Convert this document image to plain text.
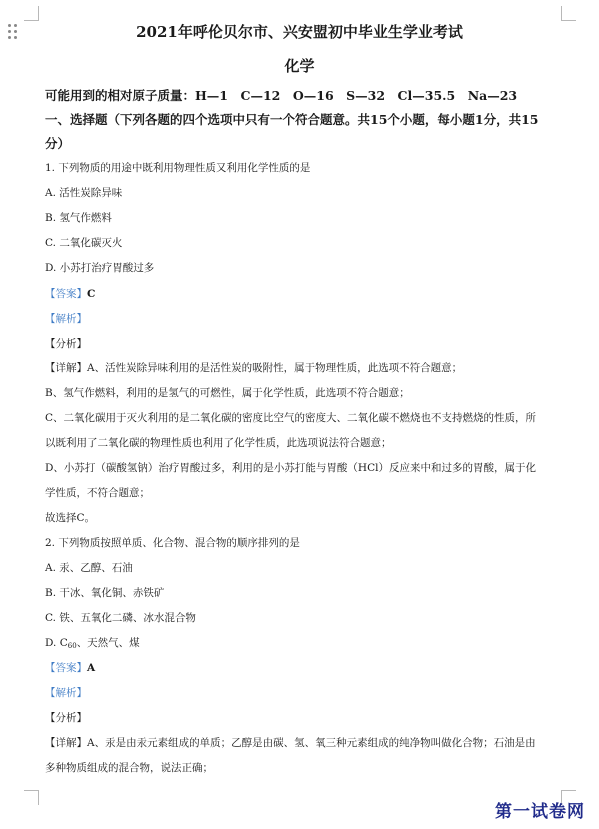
2021年呼伦贝尔市、兴安盟初中毕业生学业考试
化学
可能用到的相对原子质量：H—1　C—12　O—16　S—32　Cl—35.5　Na—23
一、选择题（下列各题的四个选项中只有一个符合题意。共15个小题，每小题1分，共15
分）
1. 下列物质的用途中既利用物理性质又利用化学性质的是
A. 活性炭除异味
B. 氢气作燃料
C. 二氧化碳灭火
D. 小苏打治疗胃酸过多
【答案】C
【解析】
【分析】
【详解】A、活性炭除异味利用的是活性炭的吸附性，属于物理性质，此选项不符合题意；
B、氢气作燃料，利用的是氢气的可燃性，属于化学性质，此选项不符合题意；
C、二氧化碳用于灭火利用的是二氧化碳的密度比空气的密度大、二氧化碳不燃烧也不支持燃烧的性质，所
以既利用了二氧化碳的物理性质也利用了化学性质，此选项说法符合题意；
D、小苏打（碳酸氢钠）治疗胃酸过多，利用的是小苏打能与胃酸（HCl）反应来中和过多的胃酸，属于化
学性质，不符合题意；
故选择C。
2. 下列物质按照单质、化合物、混合物的顺序排列的是
A. 汞、乙醇、石油
B. 干冰、氧化铜、赤铁矿
C. 铁、五氧化二磷、冰水混合物
D. $C_{60}$、天然气、煤
【答案】A
【解析】
【分析】
【详解】A、汞是由汞元素组成的单质；乙醇是由碳、氢、氧三种元素组成的纯净物叫做化合物；石油是由
多种物质组成的混合物，说法正确；
第一试卷网
